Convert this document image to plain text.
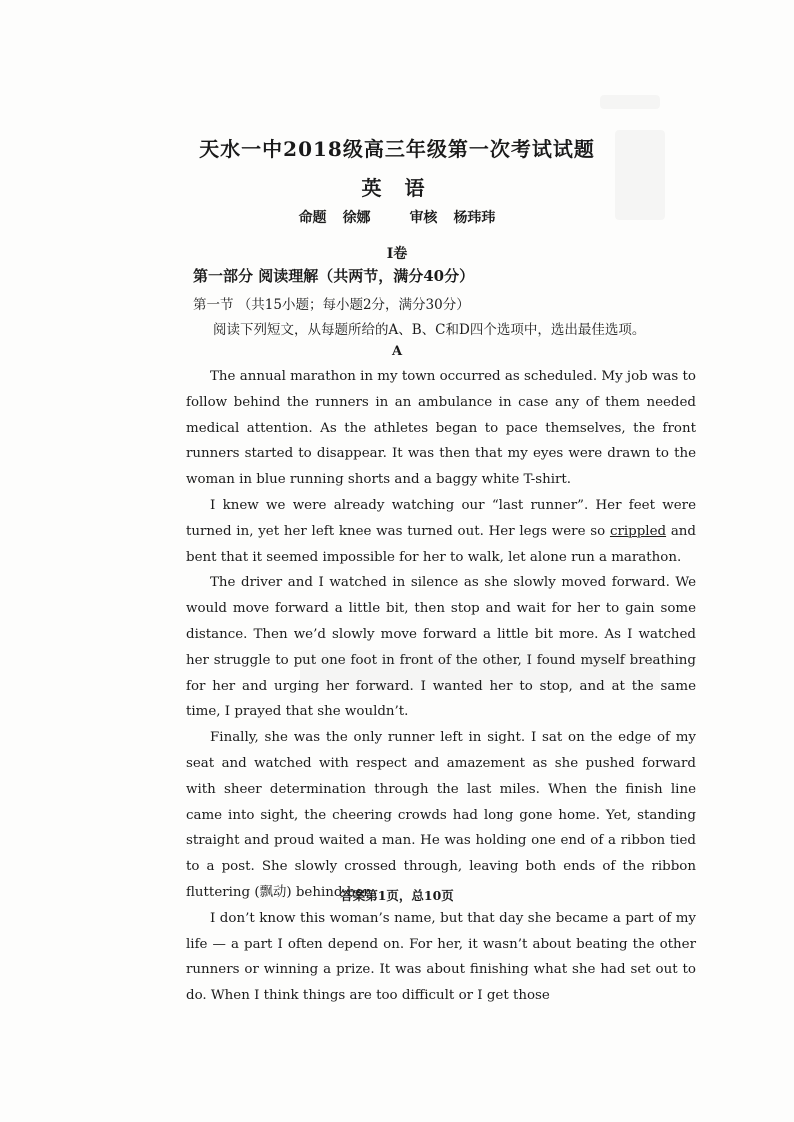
天水一中2018级高三年级第一次考试试题
英 语
命题 徐娜	审核 杨玮玮
I卷
第一部分 阅读理解（共两节，满分40分）
第一节 （共15小题；每小题2分，满分30分）
阅读下列短文，从每题所给的A、B、C和D四个选项中，选出最佳选项。
A

The annual marathon in my town occurred as scheduled. My job was to follow behind the runners in an ambulance in case any of them needed medical attention. As the athletes began to pace themselves, the front runners started to disappear. It was then that my eyes were drawn to the woman in blue running shorts and a baggy white T-shirt.

I knew we were already watching our “last runner”. Her feet were turned in, yet her left knee was turned out. Her legs were so crippled and bent that it seemed impossible for her to walk, let alone run a marathon.

The driver and I watched in silence as she slowly moved forward. We would move forward a little bit, then stop and wait for her to gain some distance. Then we’d slowly move forward a little bit more. As I watched her struggle to put one foot in front of the other, I found myself breathing for her and urging her forward. I wanted her to stop, and at the same time, I prayed that she wouldn’t.

Finally, she was the only runner left in sight. I sat on the edge of my seat and watched with respect and amazement as she pushed forward with sheer determination through the last miles. When the finish line came into sight, the cheering crowds had long gone home. Yet, standing straight and proud waited a man. He was holding one end of a ribbon tied to a post. She slowly crossed through, leaving both ends of the ribbon fluttering (飘动) behind her.

I don’t know this woman’s name, but that day she became a part of my life — a part I often depend on. For her, it wasn’t about beating the other runners or winning a prize. It was about finishing what she had set out to do. When I think things are too difficult or I get those

答案第1页，总10页
